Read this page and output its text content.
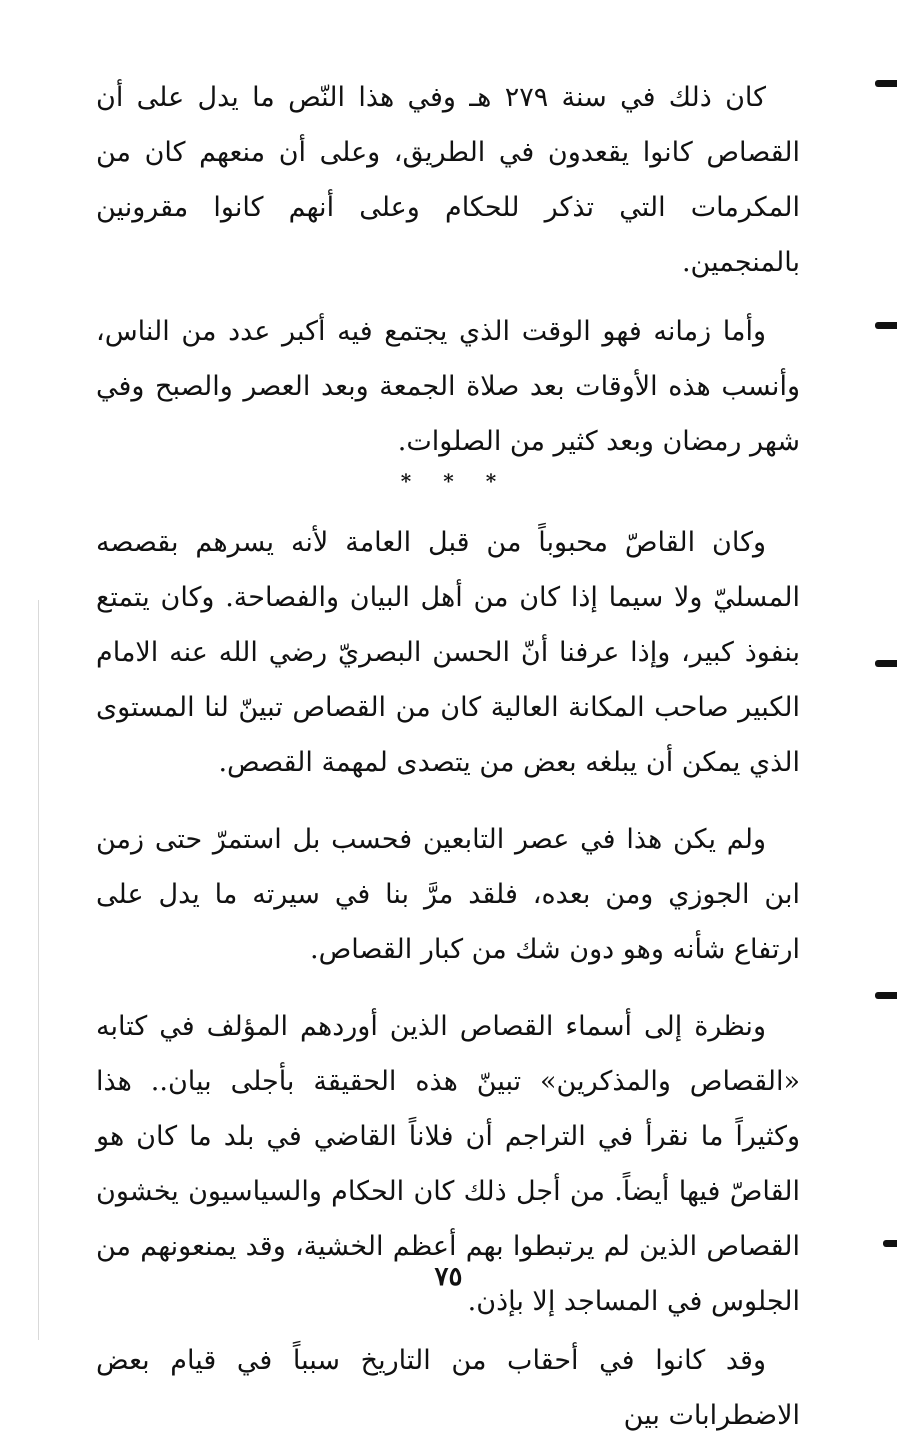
كان ذلك في سنة ٢٧٩ هـ وفي هذا النّص ما يدل على أن القصاص كانوا يقعدون في الطريق، وعلى أن منعهم كان من المكرمات التي تذكر للحكام وعلى أنهم كانوا مقرونين بالمنجمين.

وأما زمانه فهو الوقت الذي يجتمع فيه أكبر عدد من الناس، وأنسب هذه الأوقات بعد صلاة الجمعة وبعد العصر والصبح وفي شهر رمضان وبعد كثير من الصلوات.

* * *

وكان القاصّ محبوباً من قبل العامة لأنه يسرهم بقصصه المسليّ ولا سيما إذا كان من أهل البيان والفصاحة. وكان يتمتع بنفوذ كبير، وإذا عرفنا أنّ الحسن البصريّ رضي الله عنه الامام الكبير صاحب المكانة العالية كان من القصاص تبينّ لنا المستوى الذي يمكن أن يبلغه بعض من يتصدى لمهمة القصص.

ولم يكن هذا في عصر التابعين فحسب بل استمرّ حتى زمن ابن الجوزي ومن بعده، فلقد مرَّ بنا في سيرته ما يدل على ارتفاع شأنه وهو دون شك من كبار القصاص.

ونظرة إلى أسماء القصاص الذين أوردهم المؤلف في كتابه «القصاص والمذكرين» تبينّ هذه الحقيقة بأجلى بيان.. هذا وكثيراً ما نقرأ في التراجم أن فلاناً القاضي في بلد ما كان هو القاصّ فيها أيضاً. من أجل ذلك كان الحكام والسياسيون يخشون القصاص الذين لم يرتبطوا بهم أعظم الخشية، وقد يمنعونهم من الجلوس في المساجد إلا بإذن.

وقد كانوا في أحقاب من التاريخ سبباً في قيام بعض الاضطرابات بين

٧٥
